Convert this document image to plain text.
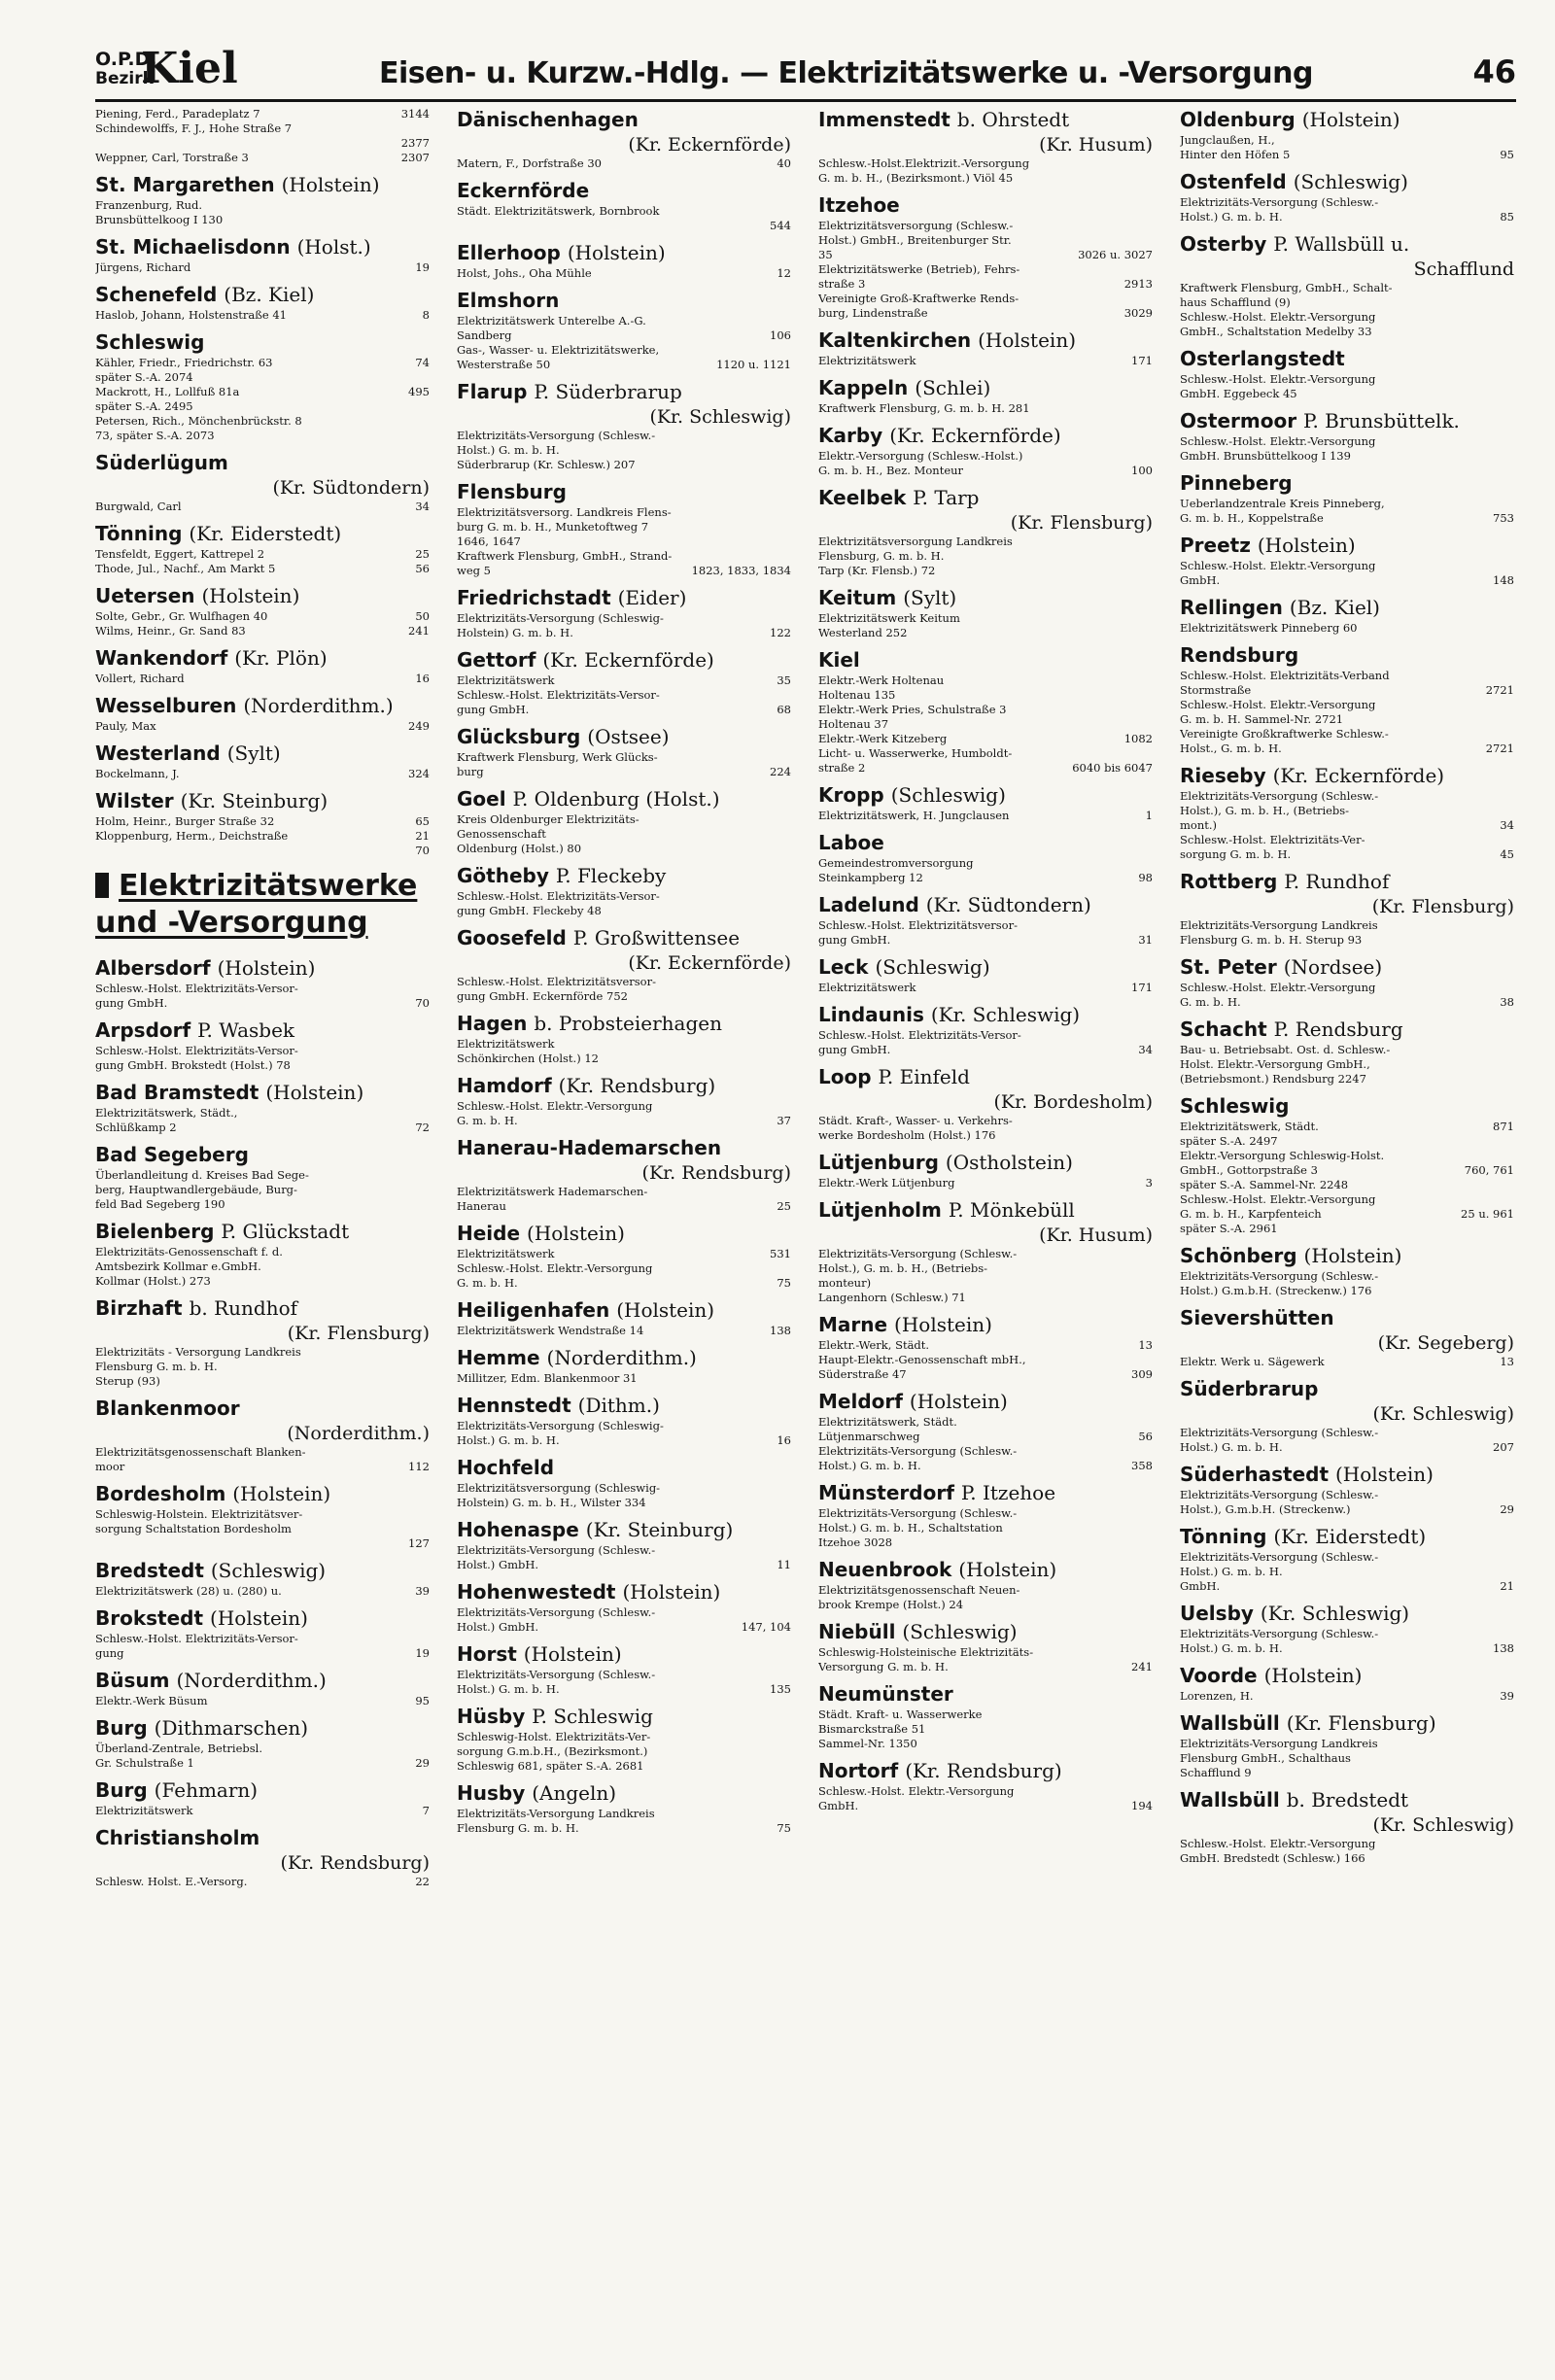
O.P.D.
Bezirk
Kiel	Eisen- u. Kurzw.-Hdlg. — Elektrizitätswerke u. -Versorgung	46
Piening, Ferd., Paradeplatz 7	3144
Schindewolffs, F. J., Hohe Straße 7
2377
Weppner, Carl, Torstraße 3	2307
St. Margarethen (Holstein)
Franzenburg, Rud.
Brunsbüttelkoog I 130
St. Michaelisdonn (Holst.)
Jürgens, Richard	19
Schenefeld (Bz. Kiel)
Haslob, Johann, Holstenstraße 41	8
Schleswig
Kähler, Friedr., Friedrichstr. 63	74
später S.-A. 2074
Mackrott, H., Lollfuß 81a	495
später S.-A. 2495
Petersen, Rich., Mönchenbrückstr. 8
73, später S.-A. 2073
Süderlügum
(Kr. Südtondern)
Burgwald, Carl	34
Tönning (Kr. Eiderstedt)
Tensfeldt, Eggert, Kattrepel 2	25
Thode, Jul., Nachf., Am Markt 5	56
Uetersen (Holstein)
Solte, Gebr., Gr. Wulfhagen 40	50
Wilms, Heinr., Gr. Sand 83	241
Wankendorf (Kr. Plön)
Vollert, Richard	16
Wesselburen (Norderdithm.)
Pauly, Max	249
Westerland (Sylt)
Bockelmann, J.	324
Wilster (Kr. Steinburg)
Holm, Heinr., Burger Straße 32	65
Kloppenburg, Herm., Deichstraße	21
70
Elektrizitätswerke
und -Versorgung
Albersdorf (Holstein)
Schlesw.-Holst. Elektrizitäts-Versor-
gung GmbH.	70
Arpsdorf P. Wasbek
Schlesw.-Holst. Elektrizitäts-Versor-
gung GmbH. Brokstedt (Holst.) 78
Bad Bramstedt (Holstein)
Elektrizitätswerk, Städt.,
Schlüßkamp 2	72
Bad Segeberg
Überlandleitung d. Kreises Bad Sege-
berg, Hauptwandlergebäude, Burg-
feld Bad Segeberg 190
Bielenberg P. Glückstadt
Elektrizitäts-Genossenschaft f. d.
Amtsbezirk Kollmar e.GmbH.
Kollmar (Holst.) 273
Birzhaft b. Rundhof
(Kr. Flensburg)
Elektrizitäts - Versorgung Landkreis
Flensburg G. m. b. H.
Sterup (93)
Blankenmoor
(Norderdithm.)
Elektrizitätsgenossenschaft Blanken-
moor	112
Bordesholm (Holstein)
Schleswig-Holstein. Elektrizitätsver-
sorgung Schaltstation Bordesholm
127
Bredstedt (Schleswig)
Elektrizitätswerk (28) u. (280) u.	39
Brokstedt (Holstein)
Schlesw.-Holst. Elektrizitäts-Versor-
gung	19
Büsum (Norderdithm.)
Elektr.-Werk Büsum	95
Burg (Dithmarschen)
Überland-Zentrale, Betriebsl.
Gr. Schulstraße 1	29
Burg (Fehmarn)
Elektrizitätswerk	7
Christiansholm
(Kr. Rendsburg)
Schlesw. Holst. E.-Versorg.	22
Dänischenhagen
(Kr. Eckernförde)
Matern, F., Dorfstraße 30	40
Eckernförde
Städt. Elektrizitätswerk, Bornbrook
544
Ellerhoop (Holstein)
Holst, Johs., Oha Mühle	12
Elmshorn
Elektrizitätswerk Unterelbe A.-G.
Sandberg	106
Gas-, Wasser- u. Elektrizitätswerke,
Westerstraße 50	1120 u. 1121
Flarup P. Süderbrarup
(Kr. Schleswig)
Elektrizitäts-Versorgung (Schlesw.-
Holst.) G. m. b. H.
Süderbrarup (Kr. Schlesw.) 207
Flensburg
Elektrizitätsversorg. Landkreis Flens-
burg G. m. b. H., Munketoftweg 7
1646, 1647
Kraftwerk Flensburg, GmbH., Strand-
weg 5	1823, 1833, 1834
Friedrichstadt (Eider)
Elektrizitäts-Versorgung (Schleswig-
Holstein) G. m. b. H.	122
Gettorf (Kr. Eckernförde)
Elektrizitätswerk	35
Schlesw.-Holst. Elektrizitäts-Versor-
gung GmbH.	68
Glücksburg (Ostsee)
Kraftwerk Flensburg, Werk Glücks-
burg	224
Goel P. Oldenburg (Holst.)
Kreis Oldenburger Elektrizitäts-
Genossenschaft
Oldenburg (Holst.) 80
Götheby P. Fleckeby
Schlesw.-Holst. Elektrizitäts-Versor-
gung GmbH. Fleckeby 48
Goosefeld P. Großwittensee
(Kr. Eckernförde)
Schlesw.-Holst. Elektrizitätsversor-
gung GmbH. Eckernförde 752
Hagen b. Probsteierhagen
Elektrizitätswerk
Schönkirchen (Holst.) 12
Hamdorf (Kr. Rendsburg)
Schlesw.-Holst. Elektr.-Versorgung
G. m. b. H.	37
Hanerau-Hademarschen
(Kr. Rendsburg)
Elektrizitätswerk Hademarschen-
Hanerau	25
Heide (Holstein)
Elektrizitätswerk	531
Schlesw.-Holst. Elektr.-Versorgung
G. m. b. H.	75
Heiligenhafen (Holstein)
Elektrizitätswerk Wendstraße 14	138
Hemme (Norderdithm.)
Millitzer, Edm. Blankenmoor 31
Hennstedt (Dithm.)
Elektrizitäts-Versorgung (Schleswig-
Holst.) G. m. b. H.	16
Hochfeld
Elektrizitätsversorgung (Schleswig-
Holstein) G. m. b. H., Wilster 334
Hohenaspe (Kr. Steinburg)
Elektrizitäts-Versorgung (Schlesw.-
Holst.) GmbH.	11
Hohenwestedt (Holstein)
Elektrizitäts-Versorgung (Schlesw.-
Holst.) GmbH.	147, 104
Horst (Holstein)
Elektrizitäts-Versorgung (Schlesw.-
Holst.) G. m. b. H.	135
Hüsby P. Schleswig
Schleswig-Holst. Elektrizitäts-Ver-
sorgung G.m.b.H., (Bezirksmont.)
Schleswig 681, später S.-A. 2681
Husby (Angeln)
Elektrizitäts-Versorgung Landkreis
Flensburg G. m. b. H.	75
Immenstedt b. Ohrstedt
(Kr. Husum)
Schlesw.-Holst.Elektrizit.-Versorgung
G. m. b. H., (Bezirksmont.) Viöl 45
Itzehoe
Elektrizitätsversorgung (Schlesw.-
Holst.) GmbH., Breitenburger Str.
35	3026 u. 3027
Elektrizitätswerke (Betrieb), Fehrs-
straße 3	2913
Vereinigte Groß-Kraftwerke Rends-
burg, Lindenstraße	3029
Kaltenkirchen (Holstein)
Elektrizitätswerk	171
Kappeln (Schlei)
Kraftwerk Flensburg, G. m. b. H. 281
Karby (Kr. Eckernförde)
Elektr.-Versorgung (Schlesw.-Holst.)
G. m. b. H., Bez. Monteur	100
Keelbek P. Tarp
(Kr. Flensburg)
Elektrizitätsversorgung Landkreis
Flensburg, G. m. b. H.
Tarp (Kr. Flensb.) 72
Keitum (Sylt)
Elektrizitätswerk Keitum
Westerland 252
Kiel
Elektr.-Werk Holtenau
Holtenau 135
Elektr.-Werk Pries, Schulstraße 3
Holtenau 37
Elektr.-Werk Kitzeberg	1082
Licht- u. Wasserwerke, Humboldt-
straße 2	6040 bis 6047
Kropp (Schleswig)
Elektrizitätswerk, H. Jungclausen	1
Laboe
Gemeindestromversorgung
Steinkampberg 12	98
Ladelund (Kr. Südtondern)
Schlesw.-Holst. Elektrizitätsversor-
gung GmbH.	31
Leck (Schleswig)
Elektrizitätswerk	171
Lindaunis (Kr. Schleswig)
Schlesw.-Holst. Elektrizitäts-Versor-
gung GmbH.	34
Loop P. Einfeld
(Kr. Bordesholm)
Städt. Kraft-, Wasser- u. Verkehrs-
werke Bordesholm (Holst.) 176
Lütjenburg (Ostholstein)
Elektr.-Werk Lütjenburg	3
Lütjenholm P. Mönkebüll
(Kr. Husum)
Elektrizitäts-Versorgung (Schlesw.-
Holst.), G. m. b. H., (Betriebs-
monteur)
Langenhorn (Schlesw.) 71
Marne (Holstein)
Elektr.-Werk, Städt.	13
Haupt-Elektr.-Genossenschaft mbH.,
Süderstraße 47	309
Meldorf (Holstein)
Elektrizitätswerk, Städt.
Lütjenmarschweg	56
Elektrizitäts-Versorgung (Schlesw.-
Holst.) G. m. b. H.	358
Münsterdorf P. Itzehoe
Elektrizitäts-Versorgung (Schlesw.-
Holst.) G. m. b. H., Schaltstation
Itzehoe 3028
Neuenbrook (Holstein)
Elektrizitätsgenossenschaft Neuen-
brook Krempe (Holst.) 24
Niebüll (Schleswig)
Schleswig-Holsteinische Elektrizitäts-
Versorgung G. m. b. H.	241
Neumünster
Städt. Kraft- u. Wasserwerke
Bismarckstraße 51
Sammel-Nr. 1350
Nortorf (Kr. Rendsburg)
Schlesw.-Holst. Elektr.-Versorgung
GmbH.	194
Oldenburg (Holstein)
Jungclaußen, H.,
Hinter den Höfen 5	95
Ostenfeld (Schleswig)
Elektrizitäts-Versorgung (Schlesw.-
Holst.) G. m. b. H.	85
Osterby P. Wallsbüll u.
Schafflund
Kraftwerk Flensburg, GmbH., Schalt-
haus Schafflund (9)
Schlesw.-Holst. Elektr.-Versorgung
GmbH., Schaltstation Medelby 33
Osterlangstedt
Schlesw.-Holst. Elektr.-Versorgung
GmbH. Eggebeck 45
Ostermoor P. Brunsbüttelk.
Schlesw.-Holst. Elektr.-Versorgung
GmbH. Brunsbüttelkoog I 139
Pinneberg
Ueberlandzentrale Kreis Pinneberg,
G. m. b. H., Koppelstraße	753
Preetz (Holstein)
Schlesw.-Holst. Elektr.-Versorgung
GmbH.	148
Rellingen (Bz. Kiel)
Elektrizitätswerk Pinneberg 60
Rendsburg
Schlesw.-Holst. Elektrizitäts-Verband
Stormstraße	2721
Schlesw.-Holst. Elektr.-Versorgung
G. m. b. H. Sammel-Nr. 2721
Vereinigte Großkraftwerke Schlesw.-
Holst., G. m. b. H.	2721
Rieseby (Kr. Eckernförde)
Elektrizitäts-Versorgung (Schlesw.-
Holst.), G. m. b. H., (Betriebs-
mont.)	34
Schlesw.-Holst. Elektrizitäts-Ver-
sorgung G. m. b. H.	45
Rottberg P. Rundhof
(Kr. Flensburg)
Elektrizitäts-Versorgung Landkreis
Flensburg G. m. b. H. Sterup 93
St. Peter (Nordsee)
Schlesw.-Holst. Elektr.-Versorgung
G. m. b. H.	38
Schacht P. Rendsburg
Bau- u. Betriebsabt. Ost. d. Schlesw.-
Holst. Elektr.-Versorgung GmbH.,
(Betriebsmont.) Rendsburg 2247
Schleswig
Elektrizitätswerk, Städt.	871
später S.-A. 2497
Elektr.-Versorgung Schleswig-Holst.
GmbH., Gottorpstraße 3	760, 761
später S.-A. Sammel-Nr. 2248
Schlesw.-Holst. Elektr.-Versorgung
G. m. b. H., Karpfenteich	25 u. 961
später S.-A. 2961
Schönberg (Holstein)
Elektrizitäts-Versorgung (Schlesw.-
Holst.) G.m.b.H. (Streckenw.) 176
Sievershütten
(Kr. Segeberg)
Elektr. Werk u. Sägewerk	13
Süderbrarup
(Kr. Schleswig)
Elektrizitäts-Versorgung (Schlesw.-
Holst.) G. m. b. H.	207
Süderhastedt (Holstein)
Elektrizitäts-Versorgung (Schlesw.-
Holst.), G.m.b.H. (Streckenw.)	29
Tönning (Kr. Eiderstedt)
Elektrizitäts-Versorgung (Schlesw.-
Holst.) G. m. b. H.
GmbH.	21
Uelsby (Kr. Schleswig)
Elektrizitäts-Versorgung (Schlesw.-
Holst.) G. m. b. H.	138
Voorde (Holstein)
Lorenzen, H.	39
Wallsbüll (Kr. Flensburg)
Elektrizitäts-Versorgung Landkreis
Flensburg GmbH., Schalthaus
Schafflund 9
Wallsbüll b. Bredstedt
(Kr. Schleswig)
Schlesw.-Holst. Elektr.-Versorgung
GmbH. Bredstedt (Schlesw.) 166
